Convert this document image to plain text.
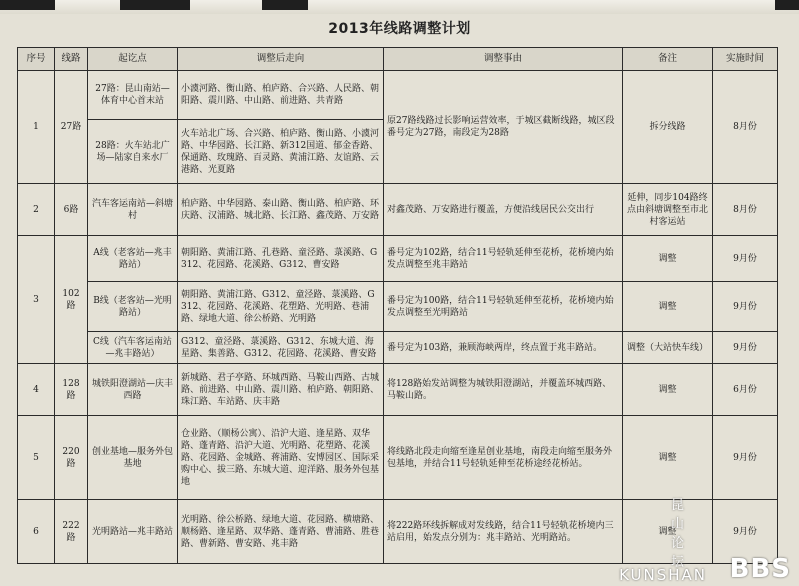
2013年线路调整计划
序号	线路	起讫点	调整后走向	调整事由	备注	实施时间
1	27路	27路：昆山南站—体育中心首末站	小澞河路、衡山路、柏庐路、合兴路、人民路、朝阳路、震川路、中山路、前进路、共青路	原27路线路过长影响运营效率，于城区截断线路，城区段番号定为27路，南段定为28路	拆分线路	8月份
		28路：火车站北广场—陆家自来水厂	火车站北广场、合兴路、柏庐路、衡山路、小澞河路、中华园路、长江路、新312国道、郁金香路、保通路、玫瑰路、百灵路、黄浦江路、友谊路、云港路、光夏路			
2	6路	汽车客运南站—斜塘村	柏庐路、中华园路、泰山路、衡山路、柏庐路、环庆路、汉浦路、城北路、长江路、鑫茂路、万安路	对鑫茂路、万安路进行覆盖，方便沿线居民公交出行	延伸，同步104路终点由斜塘调整至市北村客运站	8月份
3	102路	A线（老客站—兆丰路站）	朝阳路、黄浦江路、孔巷路、童泾路、菉溪路、G312、花园路、花溪路、G312、曹安路	番号定为102路，结合11号轻轨延伸至花桥，花桥境内始发点调整至兆丰路站	调整	9月份
		B线（老客站—光明路站）	朝阳路、黄浦江路、G312、童泾路、菉溪路、G312、花园路、花溪路、花塑路、光明路、巷浦路、绿地大道、徐公桥路、光明路	番号定为100路，结合11号轻轨延伸至花桥，花桥境内始发点调整至光明路站	调整	9月份
		C线（汽车客运南站—兆丰路站）	G312、童泾路、菉溪路、G312、东城大道、海星路、集善路、G312、花园路、花溪路、曹安路	番号定为103路，兼顾海峡两岸，终点置于兆丰路站。	调整（大站快车线）	9月份
4	128路	城铁阳澄湖站—庆丰西路	新城路、君子亭路、环城西路、马鞍山西路、古城路、前进路、中山路、震川路、柏庐路、朝阳路、珠江路、车站路、庆丰路	将128路始发站调整为城铁阳澄湖站，并覆盖环城西路、马鞍山路。	调整	6月份
5	220路	创业基地—服务外包基地	仓业路、（顺杨公寓）、沿沪大道、逢星路、双华路、蓬青路、沿沪大道、光明路、花塑路、花溪路、花园路、金城路、蒋浦路、安博园区、国际采购中心、拔三路、东城大道、迎洋路、服务外包基地	将线路北段走向缩至逢星创业基地，南段走向缩至服务外包基地，并结合11号轻轨延伸至花桥途经花桥站。	调整	9月份
6	222路	光明路站—兆丰路站	光明路、徐公桥路、绿地大道、花园路、横塘路、顺杨路、逢星路、双华路、蓬青路、曹浦路、胜巷路、曹新路、曹安路、兆丰路	将222路环线拆解成对发线路，结合11号轻轨花桥境内三站启用，始发点分别为：兆丰路站、光明路站。	调整	9月份
昆山论坛
KUNSHAN BBS
